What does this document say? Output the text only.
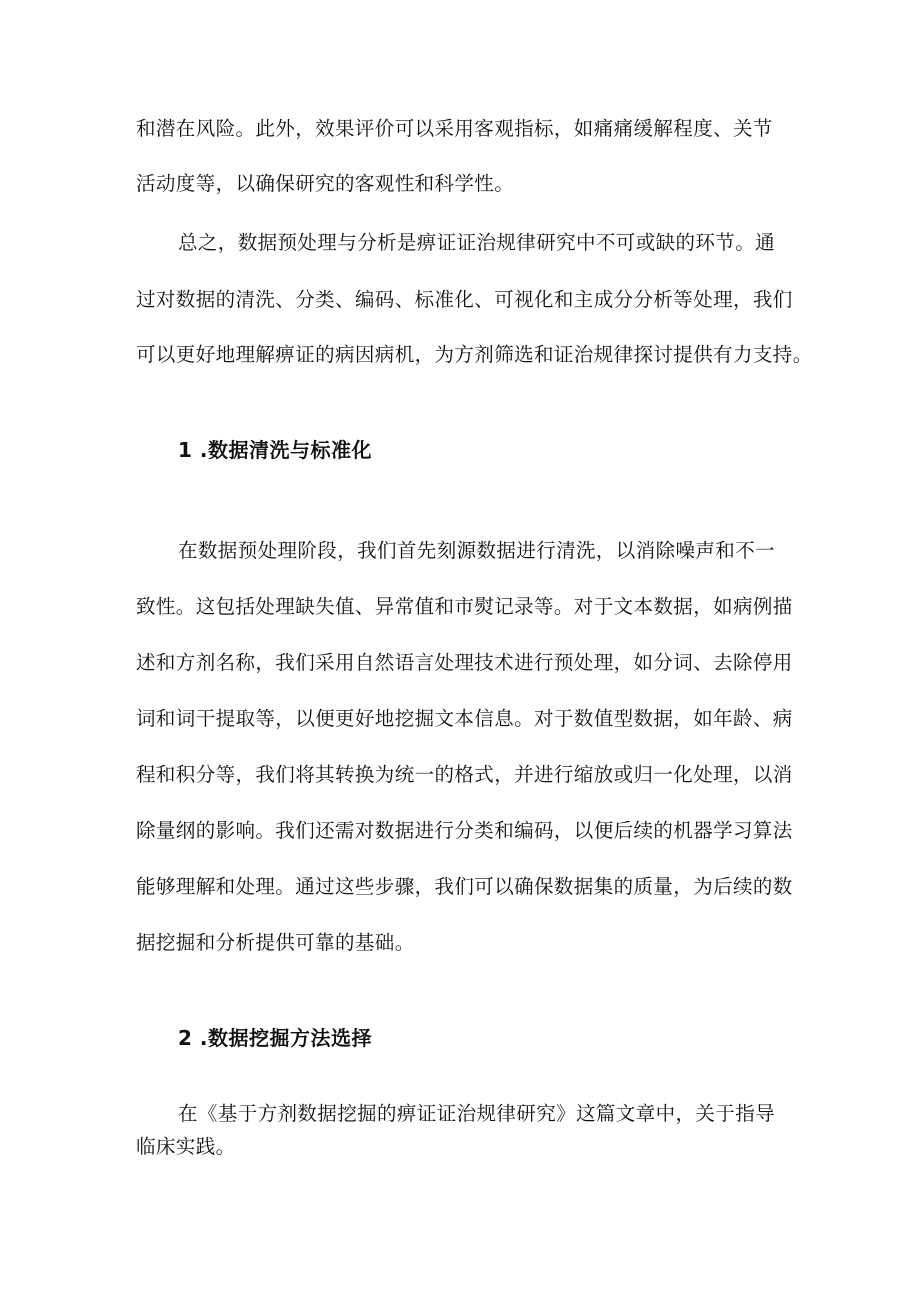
和潜在风险。此外，效果评价可以采用客观指标，如痛痛缓解程度、关节
活动度等，以确保研究的客观性和科学性。
总之，数据预处理与分析是痹证证治规律研究中不可或缺的环节。通
过对数据的清洗、分类、编码、标准化、可视化和主成分分析等处理，我们
可以更好地理解痹证的病因病机，为方剂筛选和证治规律探讨提供有力支持。
1 .数据清洗与标准化
在数据预处理阶段，我们首先刻源数据进行清洗，以消除噪声和不一
致性。这包括处理缺失值、异常值和市熨记录等。对于文本数据，如病例描
述和方剂名称，我们采用自然语言处理技术进行预处理，如分词、去除停用
词和词干提取等，以便更好地挖掘文本信息。对于数值型数据，如年龄、病
程和积分等，我们将其转换为统一的格式，并进行缩放或归一化处理，以消
除量纲的影响。我们还需对数据进行分类和编码，以便后续的机器学习算法
能够理解和处理。通过这些步骤，我们可以确保数据集的质量，为后续的数
据挖掘和分析提供可靠的基础。
2 .数据挖掘方法选择
在《基于方剂数据挖掘的痹证证治规律研究》这篇文章中，关于指导
临床实践。
